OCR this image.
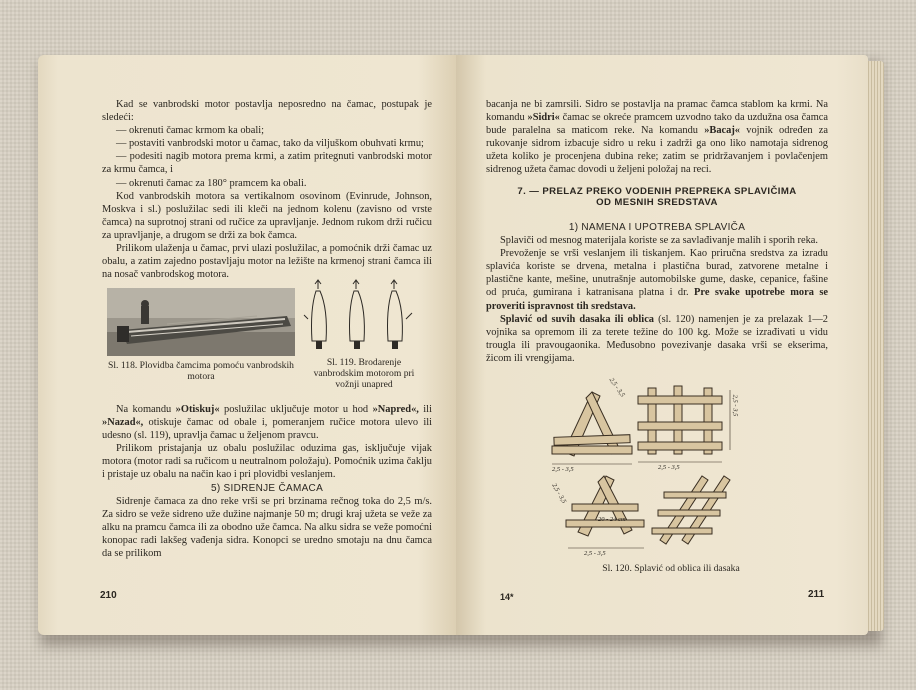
Kad se vanbrodski motor postavlja neposredno na čamac, postupak je sledeći:

— okrenuti čamac krmom ka obali;

— postaviti vanbrodski motor u čamac, tako da viljuškom obuhvati krmu;

— podesiti nagib motora prema krmi, a zatim pritegnuti vanbrodski motor za krmu čamca, i

— okrenuti čamac za 180° pramcem ka obali.

Kod vanbrodskih motora sa vertikalnom osovinom (Evinrude, Johnson, Moskva i sl.) poslužilac sedi ili kleči na jednom kolenu (zavisno od vrste čamca) na suprotnoj strani od ručice za upravljanje. Jednom rukom drži ručicu za upravljanje, a drugom se drži za bok čamca.

Prilikom ulaženja u čamac, prvi ulazi poslužilac, a pomoćnik drži čamac uz obalu, a zatim zajedno postavljaju motor na ležište na krmenoj strani čamca ili na nosač vanbrodskog motora.

Sl. 118. Plovidba čamcima pomoću vanbrodskih motora
Sl. 119. Brodarenje vanbrodskim motorom pri vožnji unapred

Na komandu »Otiskuj« poslužilac uključuje motor u hod »Napred«, ili »Nazad«, otiskuje čamac od obale i, pomeranjem ručice motora ulevo ili udesno (sl. 119), upravlja čamac u željenom pravcu.

Prilikom pristajanja uz obalu poslužilac oduzima gas, isključuje vijak motora (motor radi sa ručicom u neutralnom položaju). Pomoćnik uzima čaklju i pristaje uz obalu na način kao i pri plovidbi veslanjem.

5) SIDRENJE ČAMACA

Sidrenje čamaca za dno reke vrši se pri brzinama rečnog toka do 2,5 m/s. Za sidro se veže sidreno uže dužine najmanje 50 m; drugi kraj užeta se veže za alku na pramcu čamca ili za obodno uže čamca. Na alku sidra se veže pomoćni konopac radi lakšeg vađenja sidra. Konopci se uredno smotaju na dnu čamca da se prilikom

210

bacanja ne bi zamrsili. Sidro se postavlja na pramac čamca stablom ka krmi. Na komandu »Sidri« čamac se okreće pramcem uzvodno tako da uzdužna osa čamca bude paralelna sa maticom reke. Na komandu »Bacaj« vojnik određen za rukovanje sidrom izbacuje sidro u reku i zadrži ga ono liko namotaja sidrenog užeta koliko je procenjena dubina reke; zatim se pridržavanjem i povlačenjem sidrenog užeta čamac dovodi u željeni položaj na reci.

7. — PRELAZ PREKO VODENIH PREPREKA SPLAVIČIMA
OD MESNIH SREDSTAVA

1) NAMENA I UPOTREBA SPLAVIČA

Splaviči od mesnog materijala koriste se za savlađivanje malih i sporih reka.

Prevoženje se vrši veslanjem ili tiskanjem. Kao priručna sredstva za izradu splavića koriste se drvena, metalna i plastična burad, zatvorene metalne i plastične kante, mešine, unutrašnje automobilske gume, daske, cepanice, fašine od pruća, gumirana i katranisana platna i dr. Pre svake upotrebe mora se proveriti ispravnost tih sredstava.

Splavić od suvih dasaka ili oblica (sl. 120) namenjen je za prelazak 1—2 vojnika sa opremom ili za terete težine do 100 kg. Može se izrađivati u vidu trougla ili pravougaonika. Međusobno povezivanje dasaka vrši se ekserima, žicom ili vrengijama.

2,5 - 3,5
2,5 - 3,5
2,5 - 3,5
2,5 - 3,5
2,5 - 3,5
20 - 24 cm
2,5 - 3,5
Sl. 120. Splavić od oblica ili dasaka
14*	211
